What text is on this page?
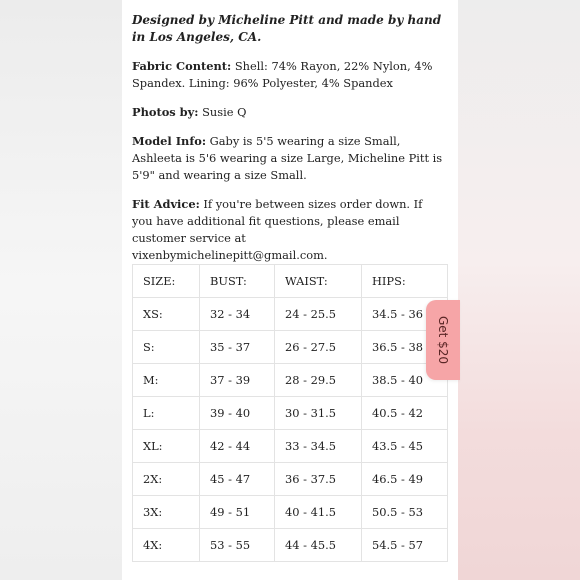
Designed by Micheline Pitt and made by hand in Los Angeles, CA.

Fabric Content: Shell: 74% Rayon, 22% Nylon, 4% Spandex. Lining: 96% Polyester, 4% Spandex

Photos by: Susie Q

Model Info: Gaby is 5'5 wearing a size Small, Ashleeta is 5'6 wearing a size Large, Micheline Pitt is 5'9" and wearing a size Small.

Fit Advice: If you're between sizes order down. If you have additional fit questions, please email customer service at vixenbymichelinepitt@gmail.com.

SIZE:	BUST:	WAIST:	HIPS:
XS:	32 - 34	24 - 25.5	34.5 - 36
S:	35 - 37	26 - 27.5	36.5 - 38
M:	37 - 39	28 - 29.5	38.5 - 40
L:	39 - 40	30 - 31.5	40.5 - 42
XL:	42 - 44	33 - 34.5	43.5 - 45
2X:	45 - 47	36 - 37.5	46.5 - 49
3X:	49 - 51	40 - 41.5	50.5 - 53
4X:	53 - 55	44 - 45.5	54.5 - 57
Get $20
